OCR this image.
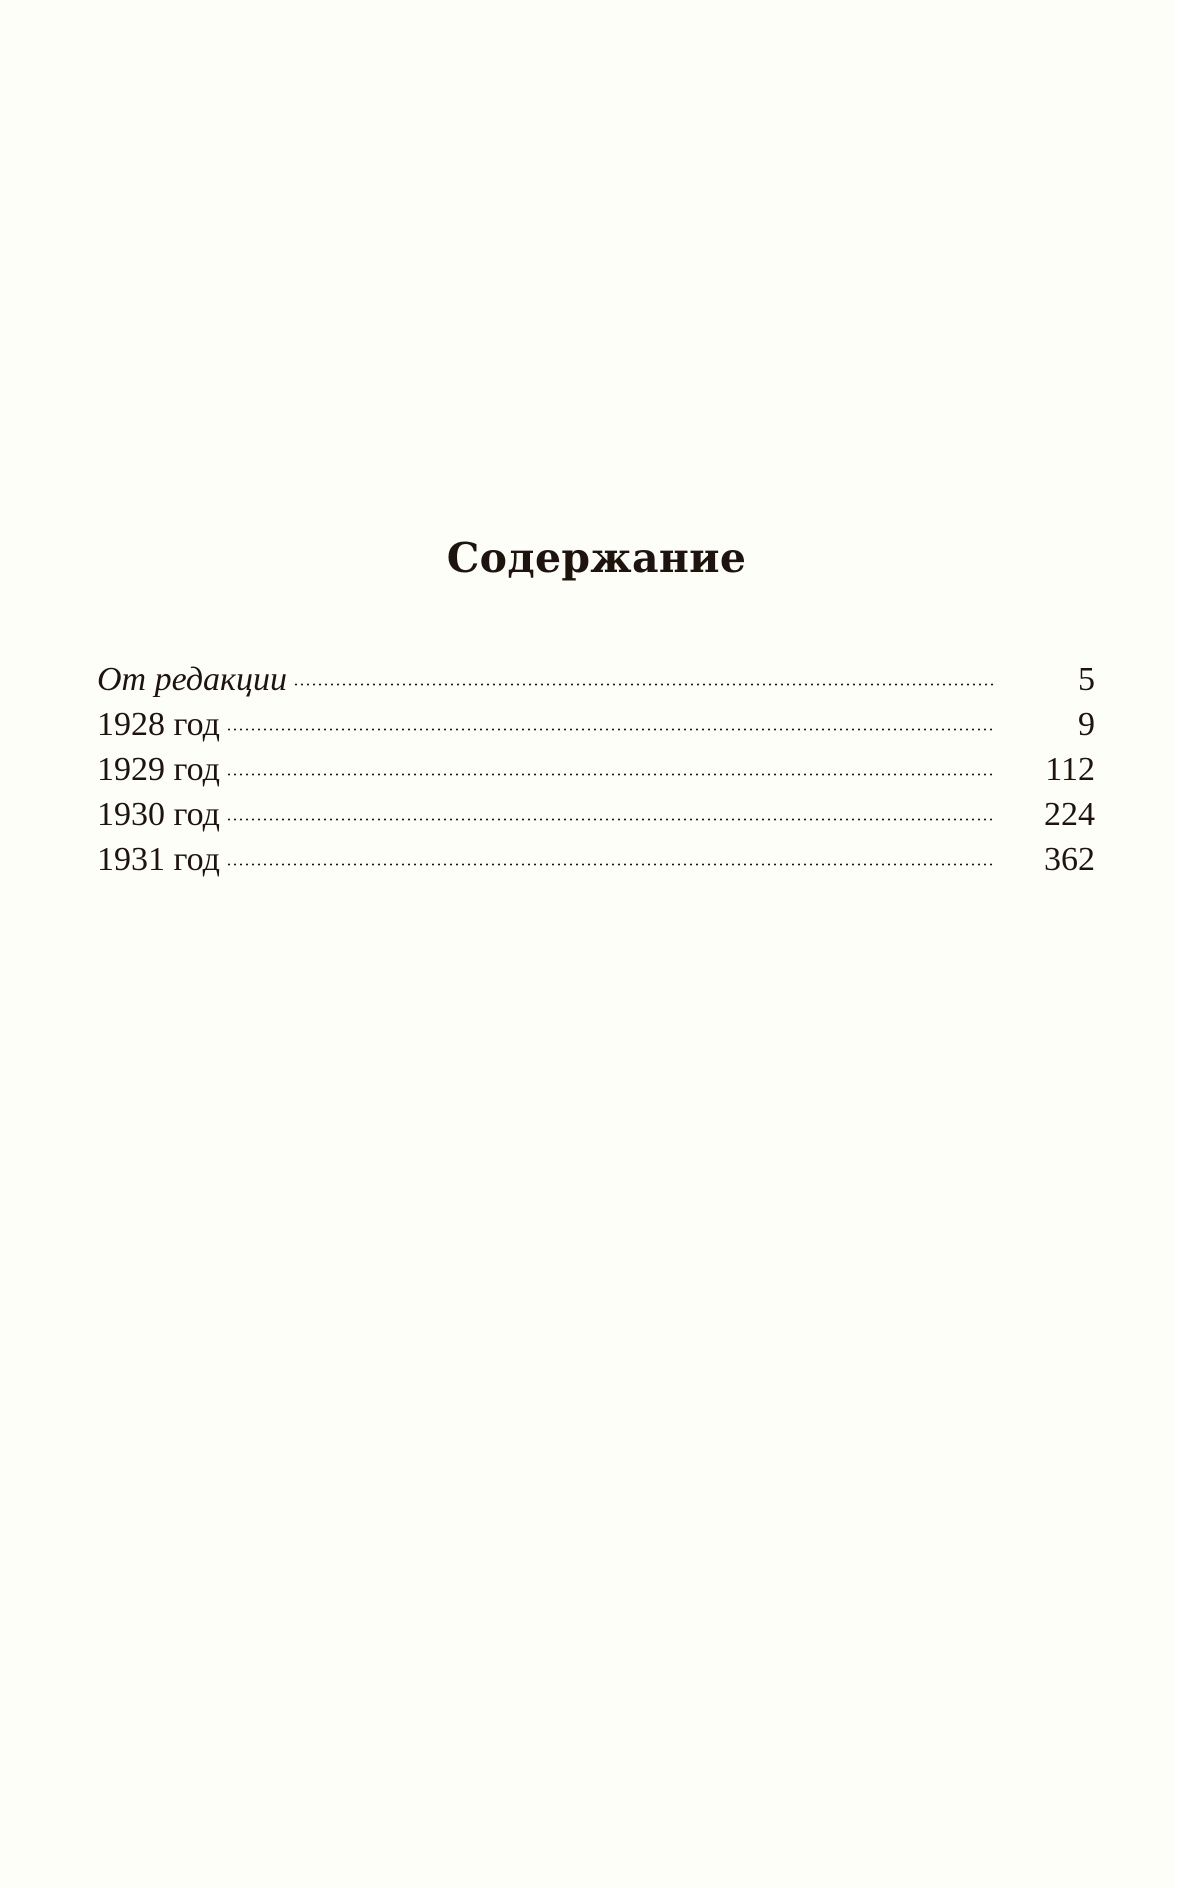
Содержание
От редакции	5
1928 год	9
1929 год	112
1930 год	224
1931 год	362
